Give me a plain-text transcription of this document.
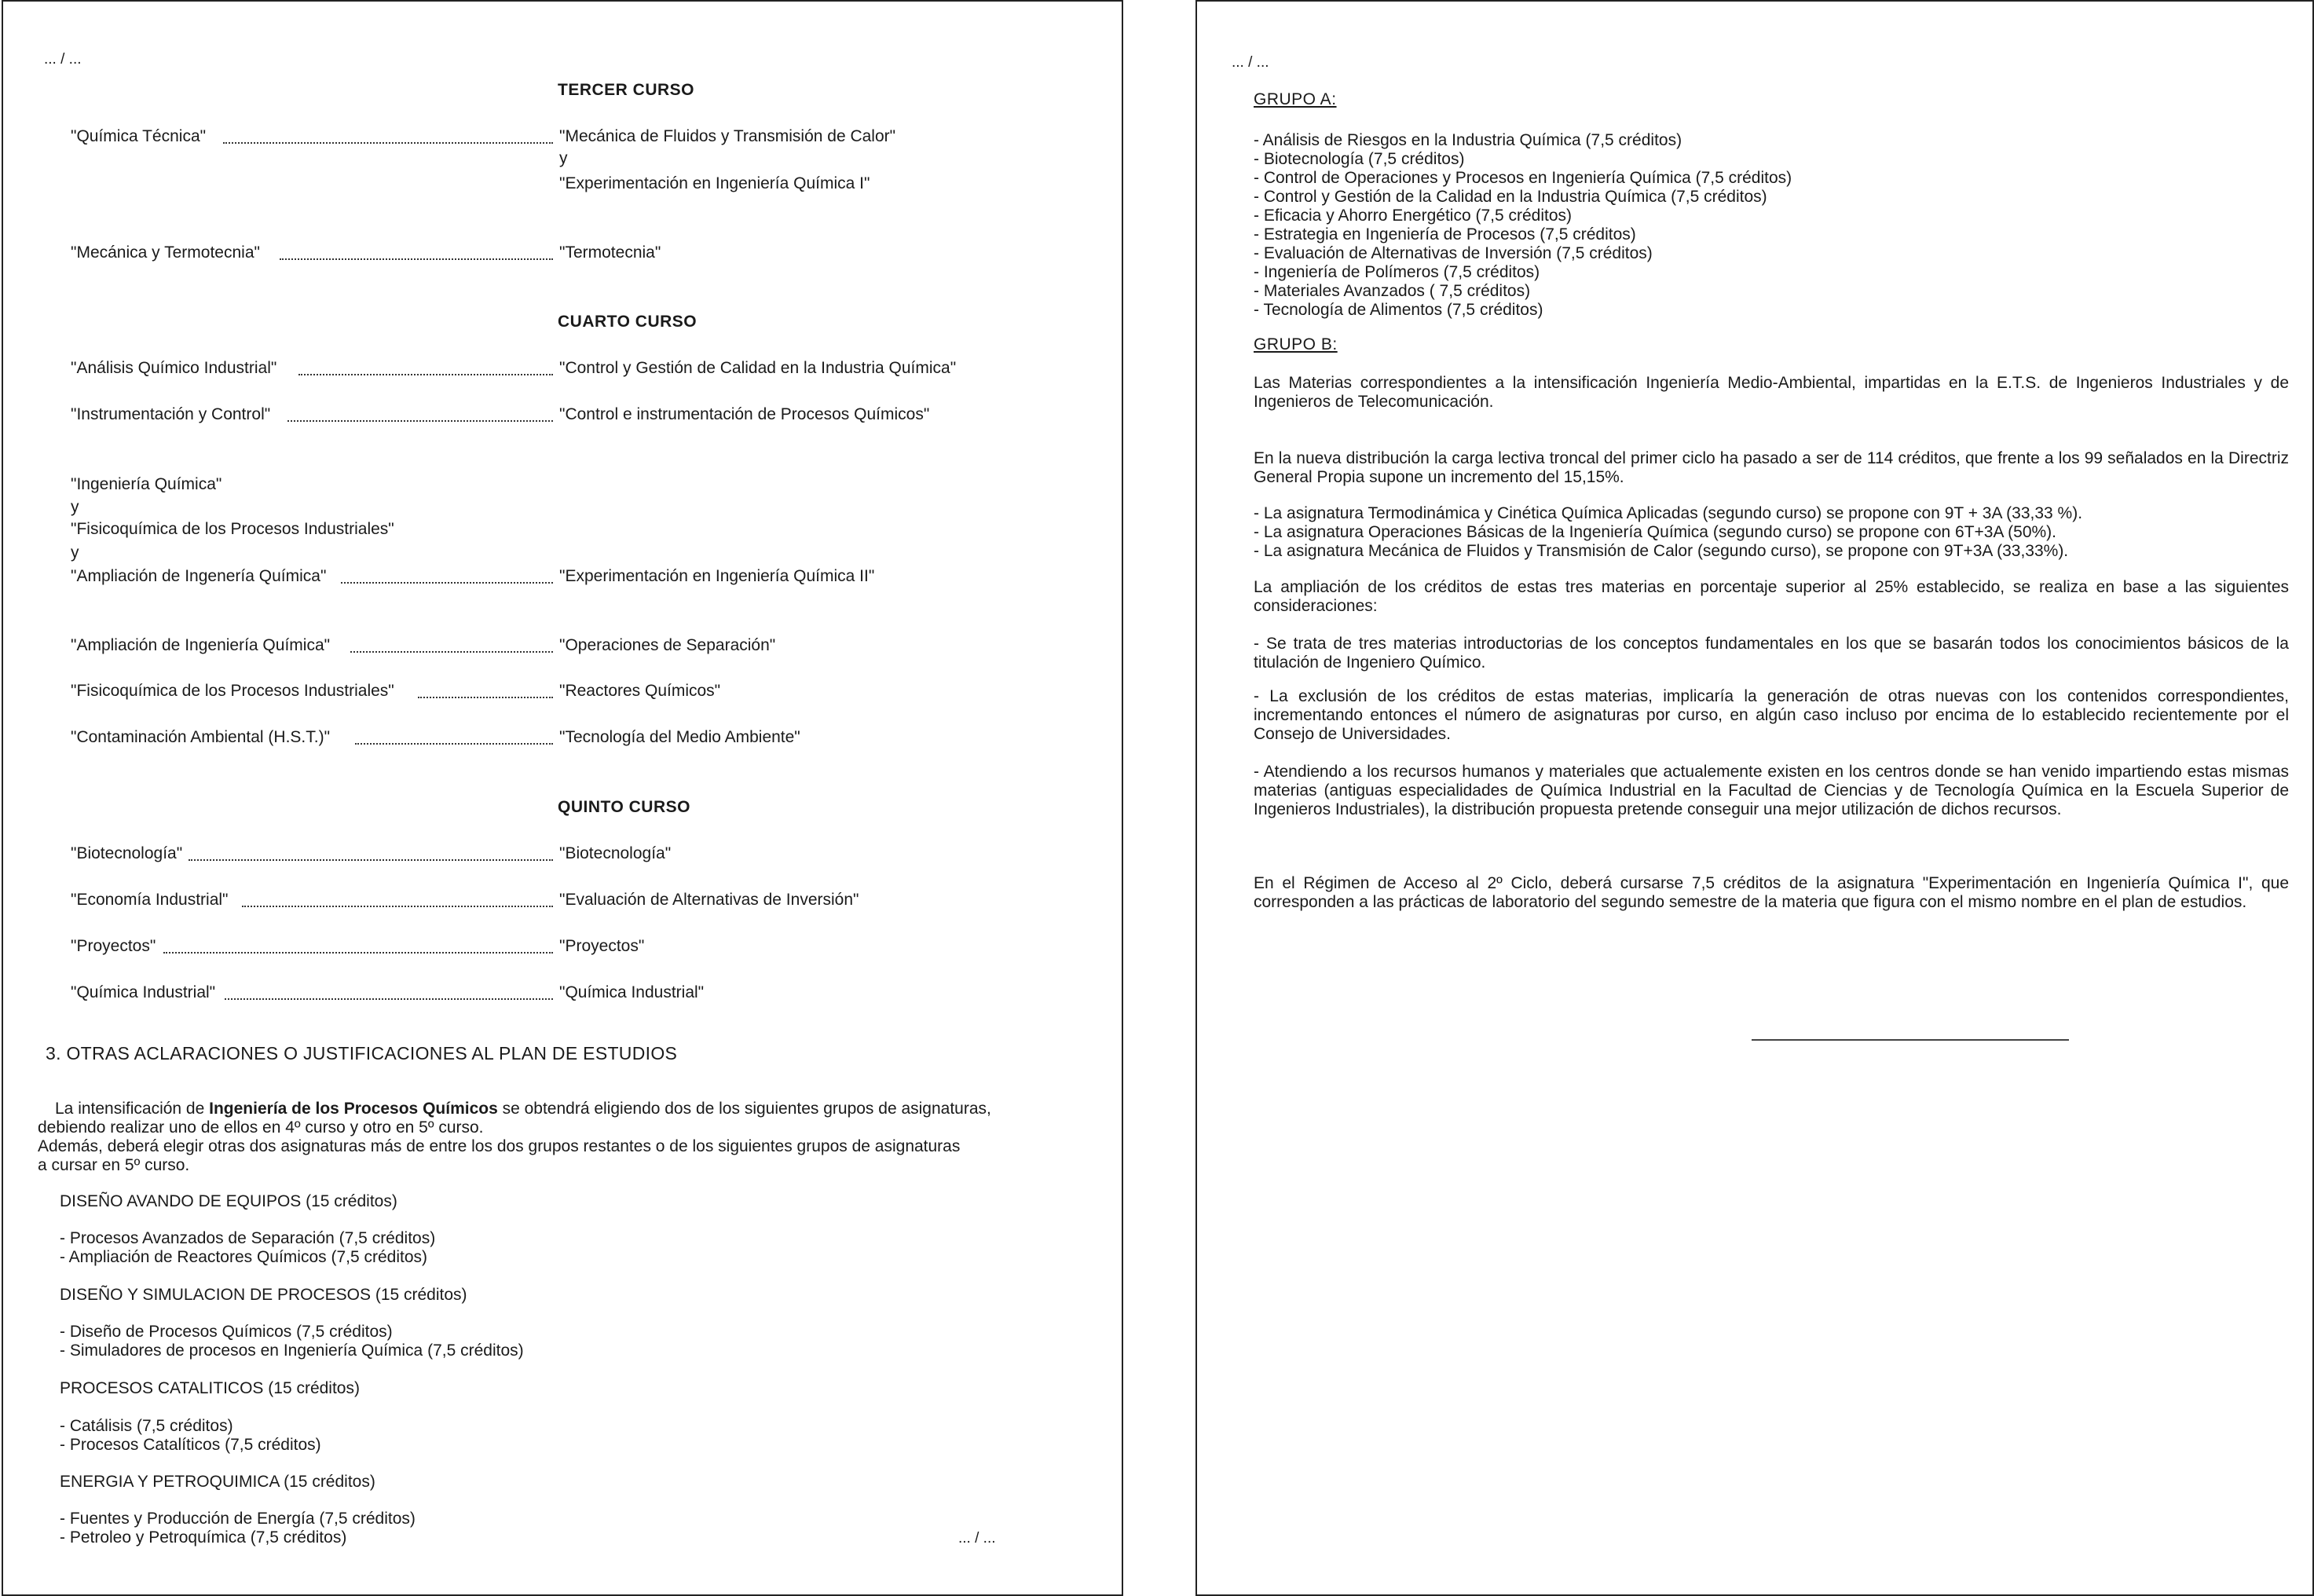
... / ...
TERCER CURSO
"Química Técnica"	"Mecánica de Fluidos y Transmisión de Calor"
y
"Experimentación en Ingeniería Química I"
"Mecánica y Termotecnia"	"Termotecnia"
CUARTO CURSO
"Análisis Químico Industrial"	"Control y Gestión de Calidad en la Industria Química"
"Instrumentación y Control"	"Control e instrumentación de Procesos Químicos"
"Ingeniería Química"
y
"Fisicoquímica de los Procesos Industriales"
y
"Ampliación de Ingenería Química"	"Experimentación en Ingeniería Química II"
"Ampliación de Ingeniería Química"	"Operaciones de Separación"
"Fisicoquímica de los Procesos Industriales"	"Reactores Químicos"
"Contaminación Ambiental (H.S.T.)"	"Tecnología del Medio Ambiente"
QUINTO CURSO
"Biotecnología"	"Biotecnología"
"Economía Industrial"	"Evaluación de Alternativas de Inversión"
"Proyectos"	"Proyectos"
"Química Industrial"	"Química Industrial"
3. OTRAS ACLARACIONES O JUSTIFICACIONES AL PLAN DE ESTUDIOS
La intensificación de Ingeniería de los Procesos Químicos se obtendrá eligiendo dos de los siguientes grupos de asignaturas,
debiendo realizar uno de ellos en 4º curso y otro en 5º curso.
Además, deberá elegir otras dos asignaturas más de entre los dos grupos restantes o de los siguientes grupos de asignaturas
a cursar en 5º curso.
DISEÑO AVANDO DE EQUIPOS (15 créditos)
- Procesos Avanzados de Separación (7,5 créditos)
- Ampliación de Reactores Químicos (7,5 créditos)
DISEÑO Y SIMULACION DE PROCESOS (15 créditos)
- Diseño de Procesos Químicos (7,5 créditos)
- Simuladores de procesos en Ingeniería Química (7,5 créditos)
PROCESOS CATALITICOS (15 créditos)
- Catálisis (7,5 créditos)
- Procesos Catalíticos (7,5 créditos)
ENERGIA Y PETROQUIMICA (15 créditos)
- Fuentes y Producción de Energía (7,5 créditos)
- Petroleo y Petroquímica (7,5 créditos)	... / ...
... / ...
GRUPO A:
- Análisis de Riesgos en la Industria Química (7,5 créditos)
- Biotecnología (7,5 créditos)
- Control de Operaciones y Procesos en Ingeniería Química (7,5 créditos)
- Control y Gestión de la Calidad en la Industria Química (7,5 créditos)
- Eficacia y Ahorro Energético (7,5 créditos)
- Estrategia en Ingeniería de Procesos (7,5 créditos)
- Evaluación de Alternativas de Inversión (7,5 créditos)
- Ingeniería de Polímeros (7,5 créditos)
- Materiales Avanzados ( 7,5 créditos)
- Tecnología de Alimentos (7,5 créditos)
GRUPO B:
Las Materias correspondientes a la intensificación Ingeniería Medio-Ambiental, impartidas en la E.T.S. de Ingenieros Industriales y de Ingenieros de Telecomunicación.
En la nueva distribución la carga lectiva troncal del primer ciclo ha pasado a ser de 114 créditos, que frente a los 99 señalados en la Directriz General Propia supone un incremento del 15,15%.
- La asignatura Termodinámica y Cinética Química Aplicadas (segundo curso) se propone con 9T + 3A (33,33 %).
- La asignatura Operaciones Básicas de la Ingeniería Química (segundo curso) se propone con 6T+3A (50%).
- La asignatura Mecánica de Fluidos y Transmisión de Calor (segundo curso), se propone con 9T+3A (33,33%).
La ampliación de los créditos de estas tres materias en porcentaje superior al 25% establecido, se realiza en base a las siguientes consideraciones:
- Se trata de tres materias introductorias de los conceptos fundamentales en los que se basarán todos los conocimientos básicos de la titulación de Ingeniero Químico.
- La exclusión de los créditos de estas materias, implicaría la generación de otras nuevas con los contenidos correspondientes, incrementando entonces el número de asignaturas por curso, en algún caso incluso por encima de lo establecido recientemente por el Consejo de Universidades.
- Atendiendo a los recursos humanos y materiales que actualemente existen en los centros donde se han venido impartiendo estas mismas materias (antiguas especialidades de Química Industrial en la Facultad de Ciencias y de Tecnología Química en la Escuela Superior de Ingenieros Industriales), la distribución propuesta pretende conseguir una mejor utilización de dichos recursos.
En el Régimen de Acceso al 2º Ciclo, deberá cursarse 7,5 créditos de la asignatura "Experimentación en Ingeniería Química I", que corresponden a las prácticas de laboratorio del segundo semestre de la materia que figura con el mismo nombre en el plan de estudios.
